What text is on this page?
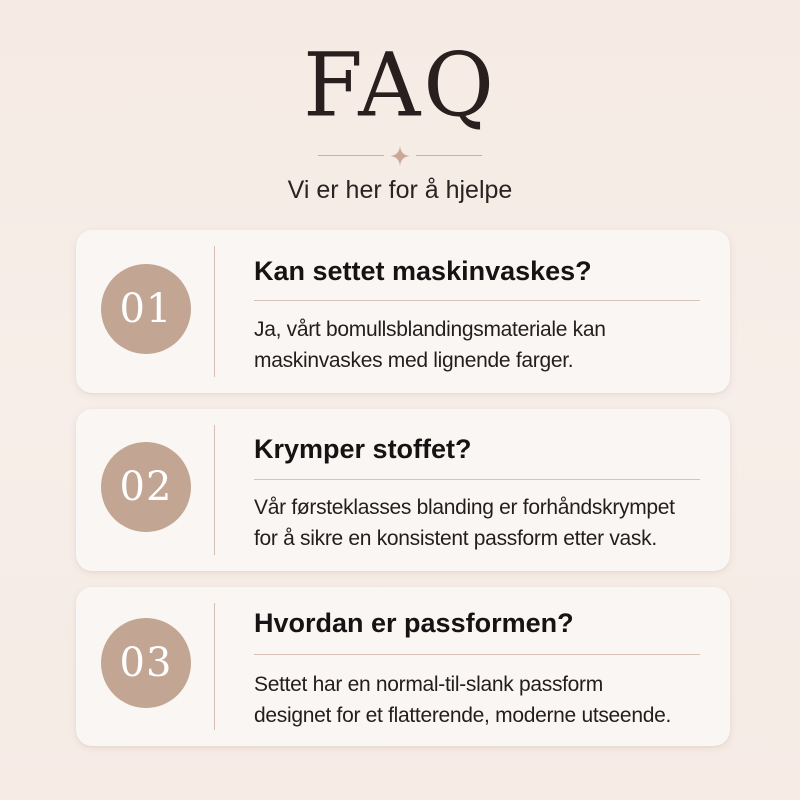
FAQ
Vi er her for å hjelpe
01
Kan settet maskinvaskes?
Ja, vårt bomullsblandingsmateriale kan
maskinvaskes med lignende farger.
02
Krymper stoffet?
Vår førsteklasses blanding er forhåndskrympet
for å sikre en konsistent passform etter vask.
03
Hvordan er passformen?
Settet har en normal-til-slank passform
designet for et flatterende, moderne utseende.
